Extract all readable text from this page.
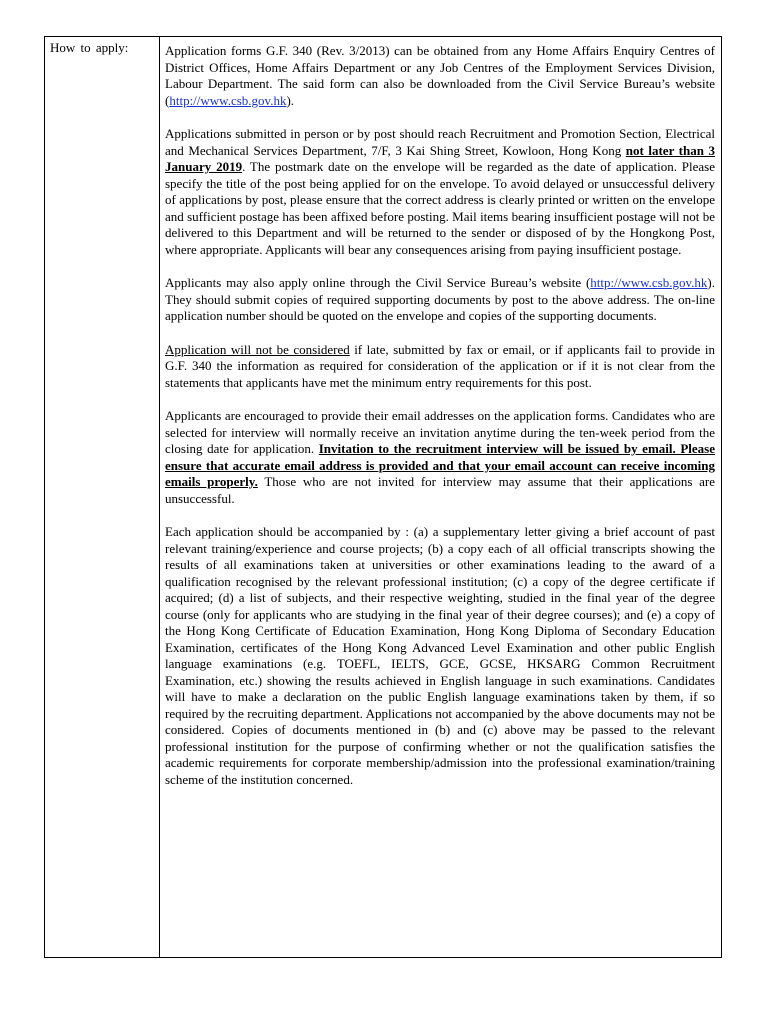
How to apply:	Application forms G.F. 340 (Rev. 3/2013) can be obtained from any Home Affairs Enquiry Centres of District Offices, Home Affairs Department or any Job Centres of the Employment Services Division, Labour Department. The said form can also be downloaded from the Civil Service Bureau’s website (http://www.csb.gov.hk).

Applications submitted in person or by post should reach Recruitment and Promotion Section, Electrical and Mechanical Services Department, 7/F, 3 Kai Shing Street, Kowloon, Hong Kong not later than 3 January 2019. The postmark date on the envelope will be regarded as the date of application. Please specify the title of the post being applied for on the envelope. To avoid delayed or unsuccessful delivery of applications by post, please ensure that the correct address is clearly printed or written on the envelope and sufficient postage has been affixed before posting. Mail items bearing insufficient postage will not be delivered to this Department and will be returned to the sender or disposed of by the Hongkong Post, where appropriate. Applicants will bear any consequences arising from paying insufficient postage.

Applicants may also apply online through the Civil Service Bureau’s website (http://www.csb.gov.hk). They should submit copies of required supporting documents by post to the above address. The on-line application number should be quoted on the envelope and copies of the supporting documents.

Application will not be considered if late, submitted by fax or email, or if applicants fail to provide in G.F. 340 the information as required for consideration of the application or if it is not clear from the statements that applicants have met the minimum entry requirements for this post.

Applicants are encouraged to provide their email addresses on the application forms. Candidates who are selected for interview will normally receive an invitation anytime during the ten-week period from the closing date for application. Invitation to the recruitment interview will be issued by email. Please ensure that accurate email address is provided and that your email account can receive incoming emails properly. Those who are not invited for interview may assume that their applications are unsuccessful.

Each application should be accompanied by : (a) a supplementary letter giving a brief account of past relevant training/experience and course projects; (b) a copy each of all official transcripts showing the results of all examinations taken at universities or other examinations leading to the award of a qualification recognised by the relevant professional institution; (c) a copy of the degree certificate if acquired; (d) a list of subjects, and their respective weighting, studied in the final year of the degree course (only for applicants who are studying in the final year of their degree courses); and (e) a copy of the Hong Kong Certificate of Education Examination, Hong Kong Diploma of Secondary Education Examination, certificates of the Hong Kong Advanced Level Examination and other public English language examinations (e.g. TOEFL, IELTS, GCE, GCSE, HKSARG Common Recruitment Examination, etc.) showing the results achieved in English language in such examinations. Candidates will have to make a declaration on the public English language examinations taken by them, if so required by the recruiting department. Applications not accompanied by the above documents may not be considered. Copies of documents mentioned in (b) and (c) above may be passed to the relevant professional institution for the purpose of confirming whether or not the qualification satisfies the academic requirements for corporate membership/admission into the professional examination/training scheme of the institution concerned.
